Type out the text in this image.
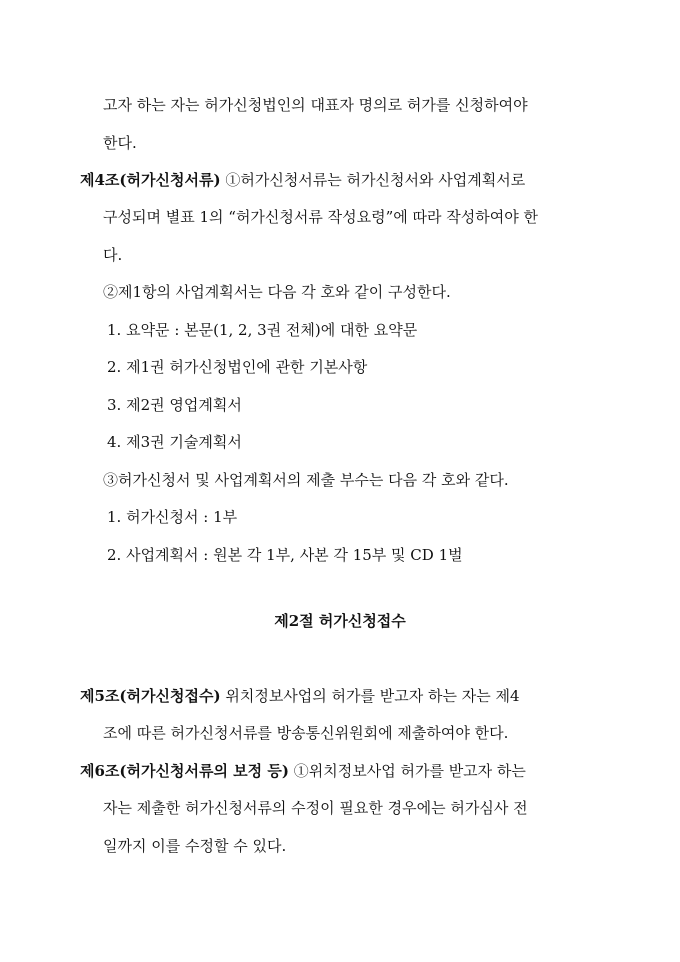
고자 하는 자는 허가신청법인의 대표자 명의로 허가를 신청하여야
한다.
제4조(허가신청서류) ①허가신청서류는 허가신청서와 사업계획서로
구성되며 별표 1의 “허가신청서류 작성요령”에 따라 작성하여야 한
다.
②제1항의 사업계획서는 다음 각 호와 같이 구성한다.
1. 요약문 : 본문(1, 2, 3권 전체)에 대한 요약문
2. 제1권 허가신청법인에 관한 기본사항
3. 제2권 영업계획서
4. 제3권 기술계획서
③허가신청서 및 사업계획서의 제출 부수는 다음 각 호와 같다.
1. 허가신청서 : 1부
2. 사업계획서 : 원본 각 1부, 사본 각 15부 및 CD 1벌
제2절 허가신청접수
제5조(허가신청접수) 위치정보사업의 허가를 받고자 하는 자는 제4
조에 따른 허가신청서류를 방송통신위원회에 제출하여야 한다.
제6조(허가신청서류의 보정 등) ①위치정보사업 허가를 받고자 하는
자는 제출한 허가신청서류의 수정이 필요한 경우에는 허가심사 전
일까지 이를 수정할 수 있다.
